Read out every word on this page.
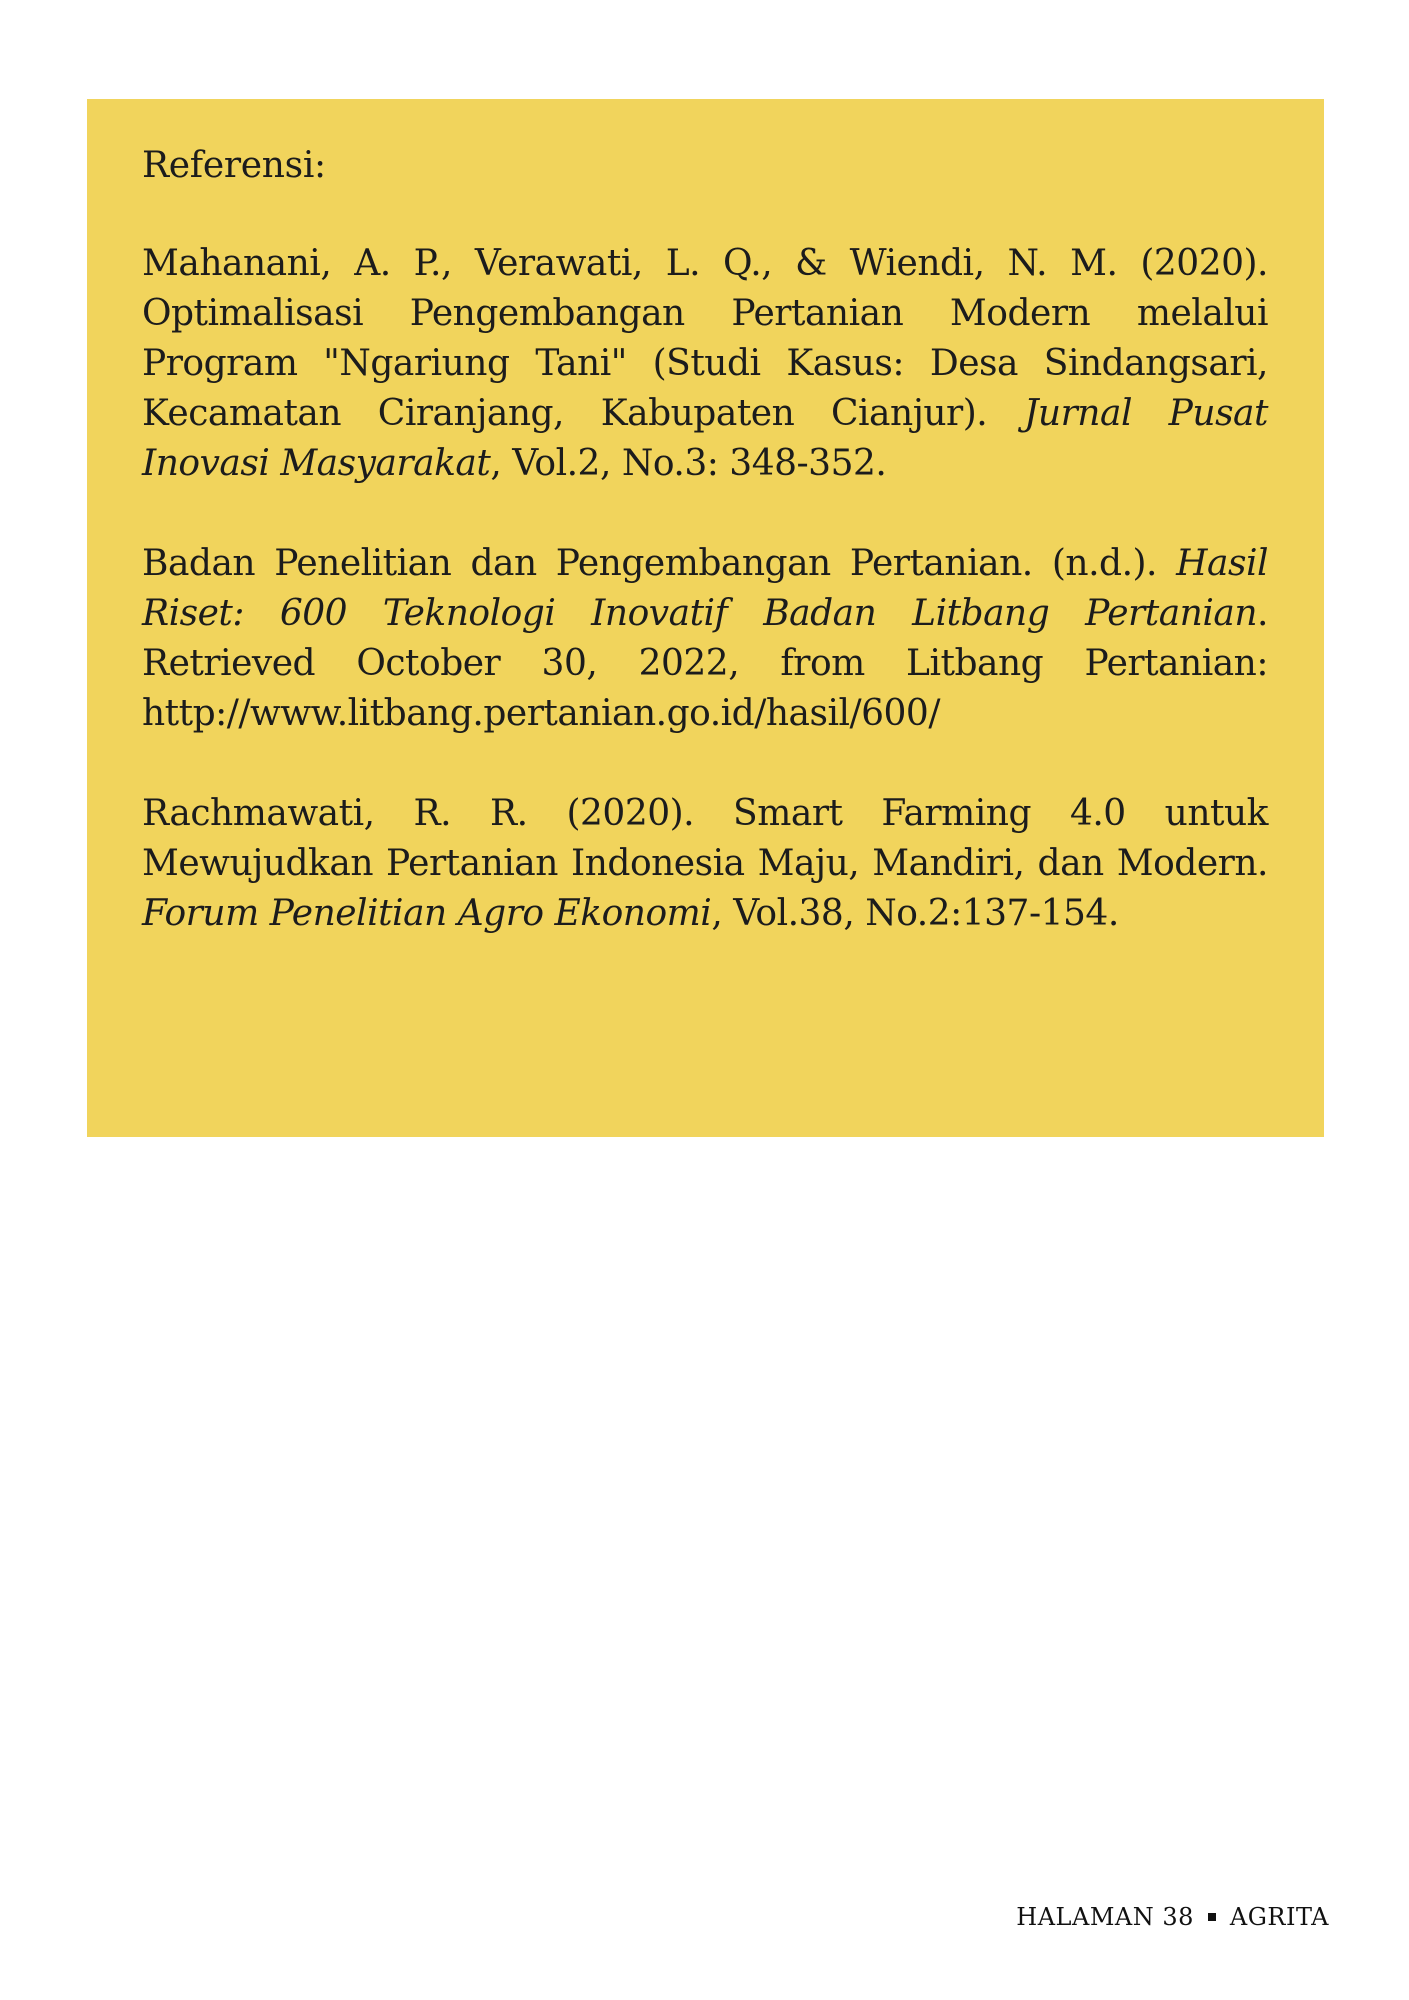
Referensi:

Mahanani, A. P., Verawati, L. Q., & Wiendi, N. M. (2020). Optimalisasi Pengembangan Pertanian Modern melalui Program "Ngariung Tani" (Studi Kasus: Desa Sindangsari, Kecamatan Ciranjang, Kabupaten Cianjur). Jurnal Pusat Inovasi Masyarakat, Vol.2, No.3: 348-352.

Badan Penelitian dan Pengembangan Pertanian. (n.d.). Hasil Riset: 600 Teknologi Inovatif Badan Litbang Pertanian. Retrieved October 30, 2022, from Litbang Pertanian: http://www.litbang.pertanian.go.id/hasil/600/

Rachmawati, R. R. (2020). Smart Farming 4.0 untuk Mewujudkan Pertanian Indonesia Maju, Mandiri, dan Modern. Forum Penelitian Agro Ekonomi, Vol.38, No.2:137-154.

HALAMAN 38 AGRITA
